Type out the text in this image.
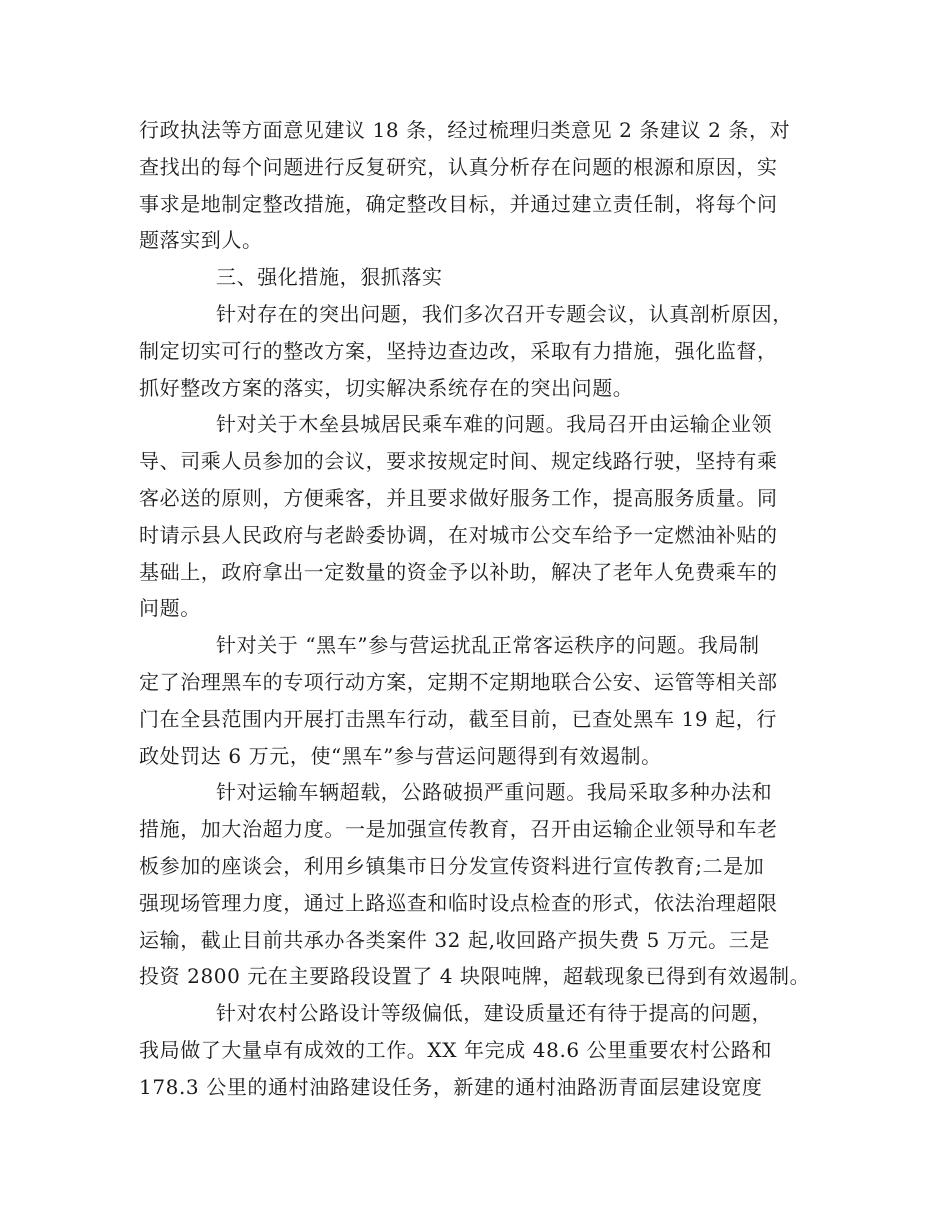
行政执法等方面意见建议 18 条，经过梳理归类意见 2 条建议 2 条，对
查找出的每个问题进行反复研究，认真分析存在问题的根源和原因，实
事求是地制定整改措施，确定整改目标，并通过建立责任制，将每个问
题落实到人。
三、强化措施，狠抓落实
针对存在的突出问题，我们多次召开专题会议，认真剖析原因，
制定切实可行的整改方案，坚持边查边改，采取有力措施，强化监督，
抓好整改方案的落实，切实解决系统存在的突出问题。
针对关于木垒县城居民乘车难的问题。我局召开由运输企业领
导、司乘人员参加的会议，要求按规定时间、规定线路行驶，坚持有乘
客必送的原则，方便乘客，并且要求做好服务工作，提高服务质量。同
时请示县人民政府与老龄委协调，在对城市公交车给予一定燃油补贴的
基础上，政府拿出一定数量的资金予以补助，解决了老年人免费乘车的
问题。
针对关于 “黑车”参与营运扰乱正常客运秩序的问题。我局制
定了治理黑车的专项行动方案，定期不定期地联合公安、运管等相关部
门在全县范围内开展打击黑车行动，截至目前，已查处黑车 19 起，行
政处罚达 6 万元，使“黑车”参与营运问题得到有效遏制。
针对运输车辆超载，公路破损严重问题。我局采取多种办法和
措施，加大治超力度。一是加强宣传教育，召开由运输企业领导和车老
板参加的座谈会，利用乡镇集市日分发宣传资料进行宣传教育;二是加
强现场管理力度，通过上路巡查和临时设点检查的形式，依法治理超限
运输，截止目前共承办各类案件 32 起,收回路产损失费 5 万元。三是
投资 2800 元在主要路段设置了 4 块限吨牌，超载现象已得到有效遏制。
针对农村公路设计等级偏低，建设质量还有待于提高的问题，
我局做了大量卓有成效的工作。XX 年完成 48.6 公里重要农村公路和
178.3 公里的通村油路建设任务，新建的通村油路沥青面层建设宽度
